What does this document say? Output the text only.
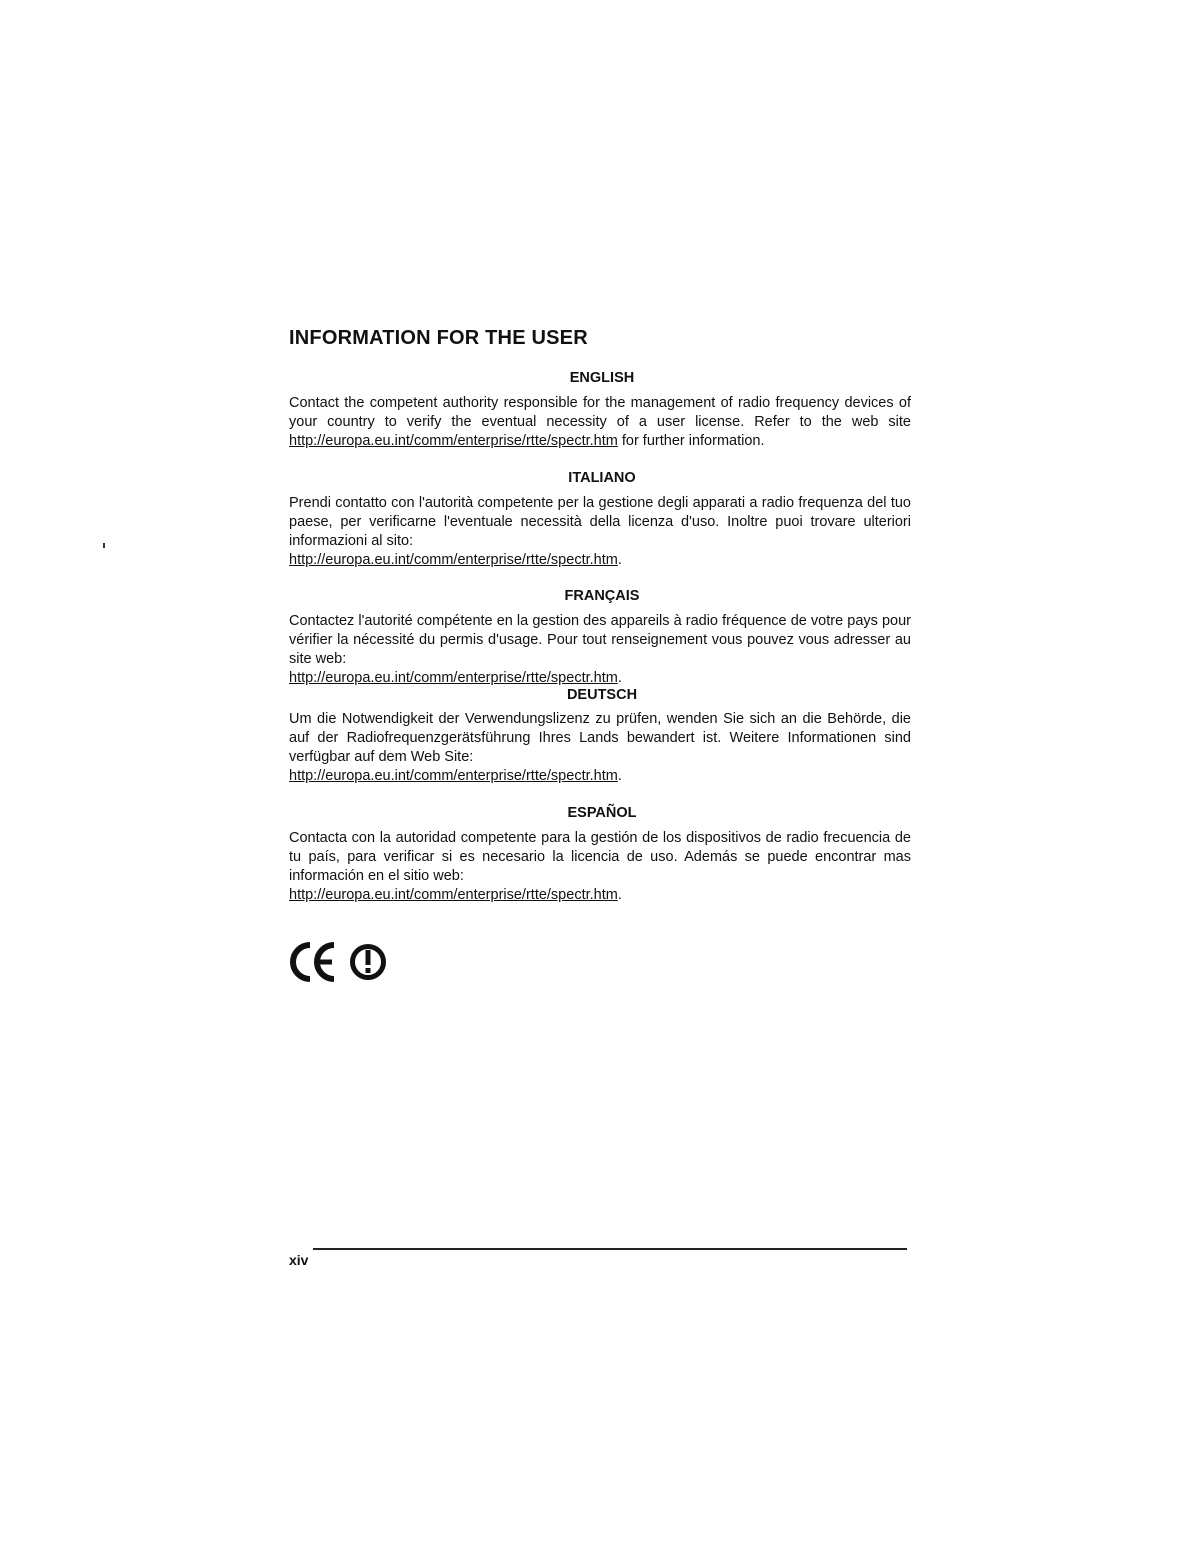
INFORMATION FOR THE USER
ENGLISH

Contact the competent authority responsible for the management of radio frequency devices of your country to verify the eventual necessity of a user license. Refer to the web site http://europa.eu.int/comm/enterprise/rtte/spectr.htm for further information.

ITALIANO

Prendi contatto con l'autorità competente per la gestione degli apparati a radio frequenza del tuo paese, per verificarne l'eventuale necessità della licenza d'uso. Inoltre puoi trovare ulteriori informazioni al sito:
http://europa.eu.int/comm/enterprise/rtte/spectr.htm.

FRANÇAIS

Contactez l'autorité compétente en la gestion des appareils à radio fréquence de votre pays pour vérifier la nécessité du permis d'usage. Pour tout renseignement vous pouvez vous adresser au site web:
http://europa.eu.int/comm/enterprise/rtte/spectr.htm.

DEUTSCH

Um die Notwendigkeit der Verwendungslizenz zu prüfen, wenden Sie sich an die Behörde, die auf der Radiofrequenzgerätsführung Ihres Lands bewandert ist. Weitere Informationen sind verfügbar auf dem Web Site:
http://europa.eu.int/comm/enterprise/rtte/spectr.htm.

ESPAÑOL

Contacta con la autoridad competente para la gestión de los dispositivos de radio frecuencia de tu país, para verificar si es necesario la licencia de uso. Además se puede encontrar mas información en el sitio web:
http://europa.eu.int/comm/enterprise/rtte/spectr.htm.

xiv
